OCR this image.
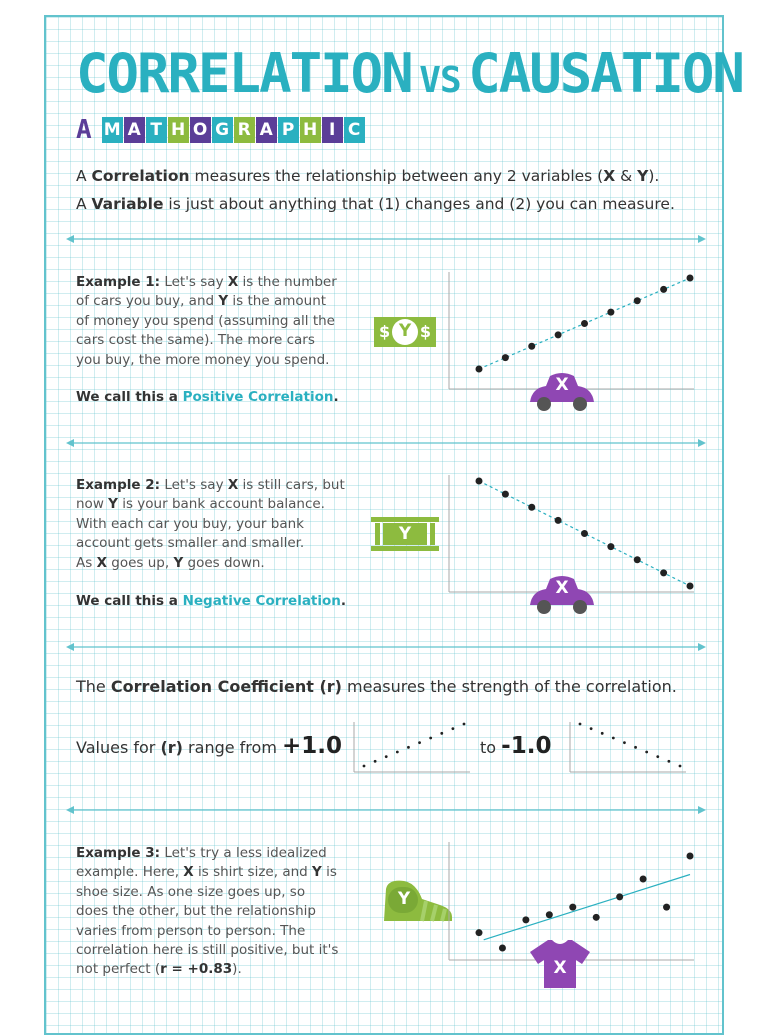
CORRELATION VS CAUSATION
A M A T H O G R A P H I C
A Correlation measures the relationship between any 2 variables (X & Y).
A Variable is just about anything that (1) changes and (2) you can measure.
Example 1: Let's say X is the number
of cars you buy, and Y is the amount
of money you spend (assuming all the
cars cost the same). The more cars
you buy, the more money you spend.
We call this a Positive Correlation.
$ Y $
X
Example 2: Let's say X is still cars, but
now Y is your bank account balance.
With each car you buy, your bank
account gets smaller and smaller.
As X goes up, Y goes down.
We call this a Negative Correlation.
Y
X
The Correlation Coefficient (r) measures the strength of the correlation.
Values for (r) range from +1.0	to -1.0
Example 3: Let's try a less idealized
example. Here, X is shirt size, and Y is
shoe size. As one size goes up, so
does the other, but the relationship
varies from person to person. The
correlation here is still positive, but it's
not perfect (r = +0.83).
Y
X
